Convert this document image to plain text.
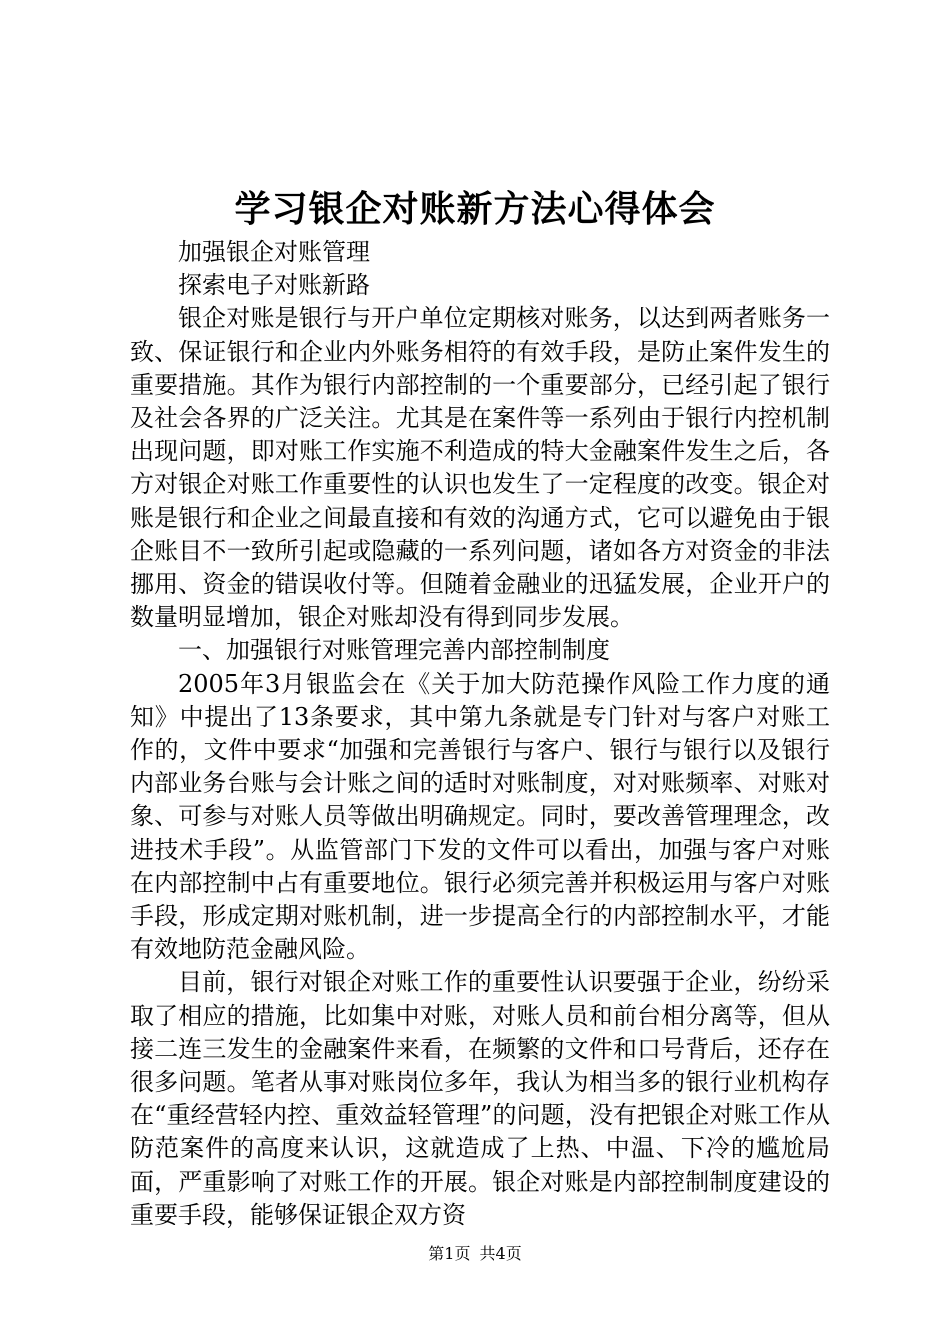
学习银企对账新方法心得体会

加强银企对账管理

探索电子对账新路

银企对账是银行与开户单位定期核对账务，以达到两者账务一致、保证银行和企业内外账务相符的有效手段，是防止案件发生的重要措施。其作为银行内部控制的一个重要部分，已经引起了银行及社会各界的广泛关注。尤其是在案件等一系列由于银行内控机制出现问题，即对账工作实施不利造成的特大金融案件发生之后，各方对银企对账工作重要性的认识也发生了一定程度的改变。银企对账是银行和企业之间最直接和有效的沟通方式，它可以避免由于银企账目不一致所引起或隐藏的一系列问题，诸如各方对资金的非法挪用、资金的错误收付等。但随着金融业的迅猛发展，企业开户的数量明显增加，银企对账却没有得到同步发展。

一、加强银行对账管理完善内部控制制度

2005年3月银监会在《关于加大防范操作风险工作力度的通知》中提出了13条要求，其中第九条就是专门针对与客户对账工作的，文件中要求“加强和完善银行与客户、银行与银行以及银行内部业务台账与会计账之间的适时对账制度，对对账频率、对账对象、可参与对账人员等做出明确规定。同时，要改善管理理念，改进技术手段”。从监管部门下发的文件可以看出，加强与客户对账在内部控制中占有重要地位。银行必须完善并积极运用与客户对账手段，形成定期对账机制，进一步提高全行的内部控制水平，才能有效地防范金融风险。

目前，银行对银企对账工作的重要性认识要强于企业，纷纷采取了相应的措施，比如集中对账，对账人员和前台相分离等，但从接二连三发生的金融案件来看，在频繁的文件和口号背后，还存在很多问题。笔者从事对账岗位多年，我认为相当多的银行业机构存在“重经营轻内控、重效益轻管理”的问题，没有把银企对账工作从防范案件的高度来认识，这就造成了上热、中温、下冷的尴尬局面，严重影响了对账工作的开展。银企对账是内部控制制度建设的重要手段，能够保证银企双方资

第1页 共4页
